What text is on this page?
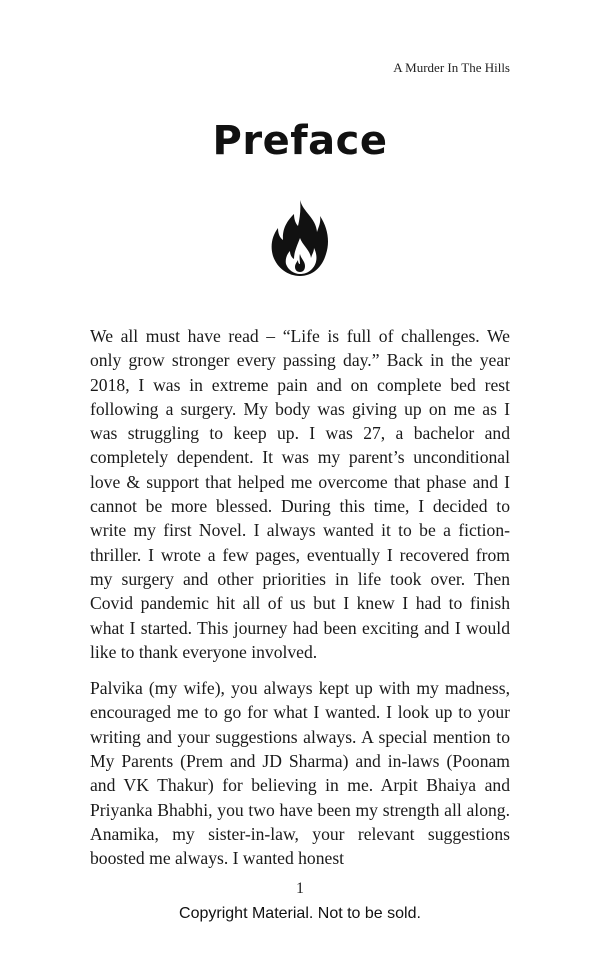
A Murder In The Hills
Preface

We all must have read – “Life is full of challenges. We only grow stronger every passing day.” Back in the year 2018, I was in extreme pain and on complete bed rest following a surgery. My body was giving up on me as I was struggling to keep up. I was 27, a bachelor and completely dependent. It was my parent’s unconditional love & support that helped me overcome that phase and I cannot be more blessed. During this time, I decided to write my first Novel. I always wanted it to be a fiction-thriller. I wrote a few pages, eventually I recovered from my surgery and other priorities in life took over. Then Covid pandemic hit all of us but I knew I had to finish what I started. This journey had been exciting and I would like to thank everyone involved.

Palvika (my wife), you always kept up with my madness, encouraged me to go for what I wanted. I look up to your writing and your suggestions always. A special mention to My Parents (Prem and JD Sharma) and in-laws (Poonam and VK Thakur) for believing in me. Arpit Bhaiya and Priyanka Bhabhi, you two have been my strength all along. Anamika, my sister-in-law, your relevant suggestions boosted me always. I wanted honest

1
Copyright Material. Not to be sold.
